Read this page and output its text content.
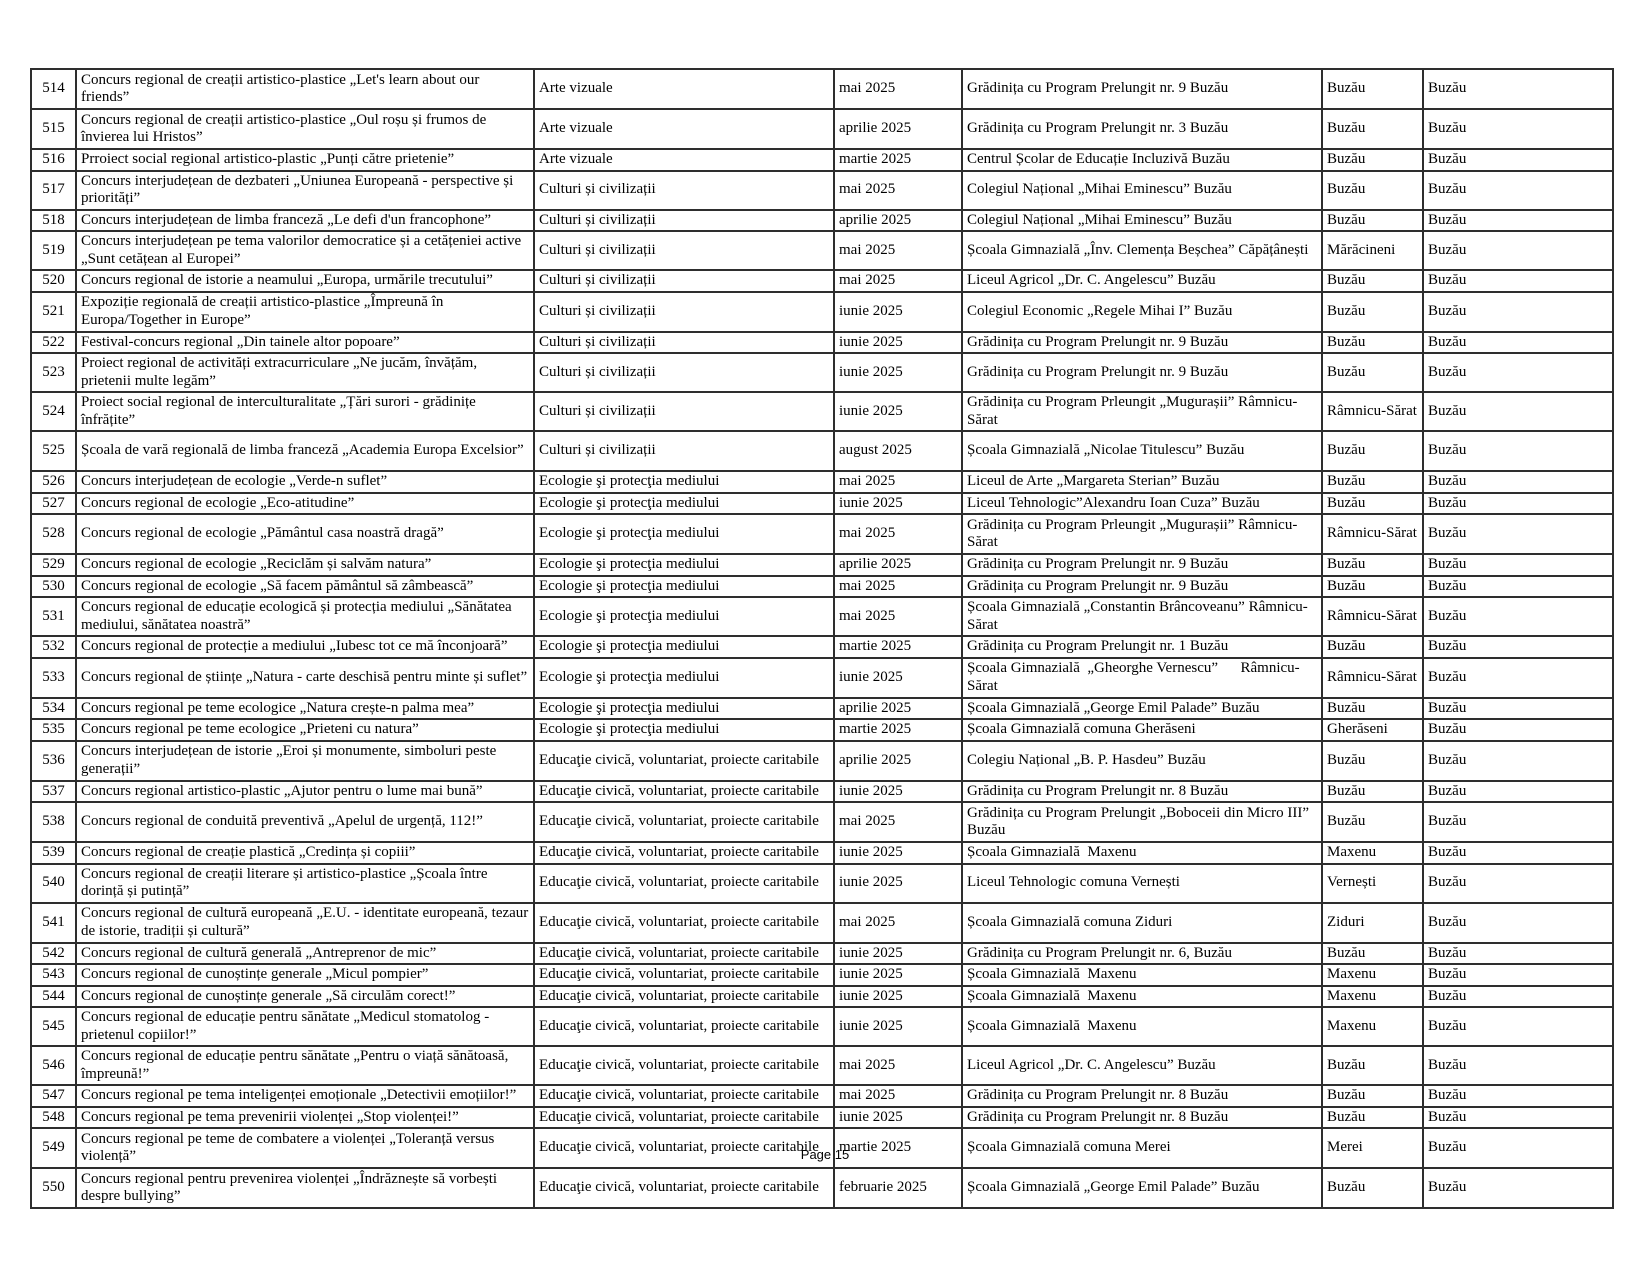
514	Concurs regional de creații artistico-plastice „Let's learn about our friends”	Arte vizuale	mai 2025	Grădinița cu Program Prelungit nr. 9 Buzău	Buzău	Buzău
515	Concurs regional de creații artistico-plastice „Oul roșu și frumos de învierea lui Hristos”	Arte vizuale	aprilie 2025	Grădinița cu Program Prelungit nr. 3 Buzău	Buzău	Buzău
516	Prroiect social regional artistico-plastic „Punți către prietenie”	Arte vizuale	martie 2025	Centrul Școlar de Educație Incluzivă Buzău	Buzău	Buzău
517	Concurs interjudețean de dezbateri „Uniunea Europeană - perspective și priorități”	Culturi și civilizații	mai 2025	Colegiul Național „Mihai Eminescu” Buzău	Buzău	Buzău
518	Concurs interjudețean de limba franceză „Le defi d'un francophone”	Culturi și civilizații	aprilie 2025	Colegiul Național „Mihai Eminescu” Buzău	Buzău	Buzău
519	Concurs interjudețean pe tema valorilor democratice și a cetățeniei active „Sunt cetățean al Europei”	Culturi și civilizații	mai 2025	Școala Gimnazială „Înv. Clemența Beșchea” Căpățânești	Mărăcineni	Buzău
520	Concurs regional de istorie a neamului „Europa, urmările trecutului”	Culturi și civilizații	mai 2025	Liceul Agricol „Dr. C. Angelescu” Buzău	Buzău	Buzău
521	Expoziție regională de creații artistico-plastice „Împreună în Europa/Together in Europe”	Culturi și civilizații	iunie 2025	Colegiul Economic „Regele Mihai I” Buzău	Buzău	Buzău
522	Festival-concurs regional „Din tainele altor popoare”	Culturi și civilizații	iunie 2025	Grădinița cu Program Prelungit nr. 9 Buzău	Buzău	Buzău
523	Proiect regional de activități extracurriculare „Ne jucăm, învățăm, prietenii multe legăm”	Culturi și civilizații	iunie 2025	Grădinița cu Program Prelungit nr. 9 Buzău	Buzău	Buzău
524	Proiect social regional de interculturalitate „Țări surori - grădinițe înfrățite”	Culturi și civilizații	iunie 2025	Grădinița cu Program Prleungit „Mugurașii” Râmnicu-Sărat	Râmnicu-Sărat	Buzău
525	Școala de vară regională de limba franceză „Academia Europa Excelsior”	Culturi și civilizații	august 2025	Școala Gimnazială „Nicolae Titulescu” Buzău	Buzău	Buzău
526	Concurs interjudețean de ecologie „Verde-n suflet”	Ecologie şi protecţia mediului	mai 2025	Liceul de Arte „Margareta Sterian” Buzău	Buzău	Buzău
527	Concurs regional de ecologie „Eco-atitudine”	Ecologie şi protecţia mediului	iunie 2025	Liceul Tehnologic”Alexandru Ioan Cuza” Buzău	Buzău	Buzău
528	Concurs regional de ecologie „Pământul casa noastră dragă”	Ecologie şi protecţia mediului	mai 2025	Grădinița cu Program Prleungit „Mugurașii” Râmnicu-Sărat	Râmnicu-Sărat	Buzău
529	Concurs regional de ecologie „Reciclăm și salvăm natura”	Ecologie şi protecţia mediului	aprilie 2025	Grădinița cu Program Prelungit nr. 9 Buzău	Buzău	Buzău
530	Concurs regional de ecologie „Să facem pământul să zâmbească”	Ecologie şi protecţia mediului	mai 2025	Grădinița cu Program Prelungit nr. 9 Buzău	Buzău	Buzău
531	Concurs regional de educație ecologică și protecția mediului „Sănătatea mediului, sănătatea noastră”	Ecologie şi protecţia mediului	mai 2025	Școala Gimnazială „Constantin Brâncoveanu” Râmnicu-Sărat	Râmnicu-Sărat	Buzău
532	Concurs regional de protecție a mediului „Iubesc tot ce mă înconjoară”	Ecologie şi protecţia mediului	martie 2025	Grădinița cu Program Prelungit nr. 1 Buzău	Buzău	Buzău
533	Concurs regional de științe „Natura - carte deschisă pentru minte și suflet”	Ecologie şi protecţia mediului	iunie 2025	Școala Gimnazială  „Gheorghe Vernescu”      Râmnicu-Sărat	Râmnicu-Sărat	Buzău
534	Concurs regional pe teme ecologice „Natura crește-n palma mea”	Ecologie şi protecţia mediului	aprilie 2025	Școala Gimnazială „George Emil Palade” Buzău	Buzău	Buzău
535	Concurs regional pe teme ecologice „Prieteni cu natura”	Ecologie şi protecţia mediului	martie 2025	Școala Gimnazială comuna Gherăseni	Gherăseni	Buzău
536	Concurs interjudețean de istorie „Eroi și monumente, simboluri peste generații”	Educaţie civică, voluntariat, proiecte caritabile	aprilie 2025	Colegiu Național „B. P. Hasdeu” Buzău	Buzău	Buzău
537	Concurs regional artistico-plastic „Ajutor pentru o lume mai bună”	Educaţie civică, voluntariat, proiecte caritabile	iunie 2025	Grădinița cu Program Prelungit nr. 8 Buzău	Buzău	Buzău
538	Concurs regional de conduită preventivă „Apelul de urgență, 112!”	Educaţie civică, voluntariat, proiecte caritabile	mai 2025	Grădinița cu Program Prelungit „Boboceii din Micro III” Buzău	Buzău	Buzău
539	Concurs regional de creație plastică „Credința și copiii”	Educaţie civică, voluntariat, proiecte caritabile	iunie 2025	Școala Gimnazială  Maxenu	Maxenu	Buzău
540	Concurs regional de creații literare și artistico-plastice „Școala între dorință și putință”	Educaţie civică, voluntariat, proiecte caritabile	iunie 2025	Liceul Tehnologic comuna Vernești	Vernești	Buzău
541	Concurs regional de cultură europeană „E.U. - identitate europeană, tezaur de istorie, tradiții și cultură”	Educaţie civică, voluntariat, proiecte caritabile	mai 2025	Școala Gimnazială comuna Ziduri	Ziduri	Buzău
542	Concurs regional de cultură generală „Antreprenor de mic”	Educaţie civică, voluntariat, proiecte caritabile	iunie 2025	Grădinița cu Program Prelungit nr. 6, Buzău	Buzău	Buzău
543	Concurs regional de cunoștințe generale „Micul pompier”	Educaţie civică, voluntariat, proiecte caritabile	iunie 2025	Școala Gimnazială  Maxenu	Maxenu	Buzău
544	Concurs regional de cunoștințe generale „Să circulăm corect!”	Educaţie civică, voluntariat, proiecte caritabile	iunie 2025	Școala Gimnazială  Maxenu	Maxenu	Buzău
545	Concurs regional de educație pentru sănătate „Medicul stomatolog - prietenul copiilor!”	Educaţie civică, voluntariat, proiecte caritabile	iunie 2025	Școala Gimnazială  Maxenu	Maxenu	Buzău
546	Concurs regional de educație pentru sănătate „Pentru o viață sănătoasă, împreună!”	Educaţie civică, voluntariat, proiecte caritabile	mai 2025	Liceul Agricol „Dr. C. Angelescu” Buzău	Buzău	Buzău
547	Concurs regional pe tema inteligenței emoționale „Detectivii emoțiilor!”	Educaţie civică, voluntariat, proiecte caritabile	mai 2025	Grădinița cu Program Prelungit nr. 8 Buzău	Buzău	Buzău
548	Concurs regional pe tema prevenirii violenței „Stop violenței!”	Educaţie civică, voluntariat, proiecte caritabile	iunie 2025	Grădinița cu Program Prelungit nr. 8 Buzău	Buzău	Buzău
549	Concurs regional pe teme de combatere a violenței „Toleranță versus violență”	Educaţie civică, voluntariat, proiecte caritabile	martie 2025	Școala Gimnazială comuna Merei	Merei	Buzău
550	Concurs regional pentru prevenirea violenței „Îndrăznește să vorbești despre bullying”	Educaţie civică, voluntariat, proiecte caritabile	februarie 2025	Școala Gimnazială „George Emil Palade” Buzău	Buzău	Buzău
Page 15
